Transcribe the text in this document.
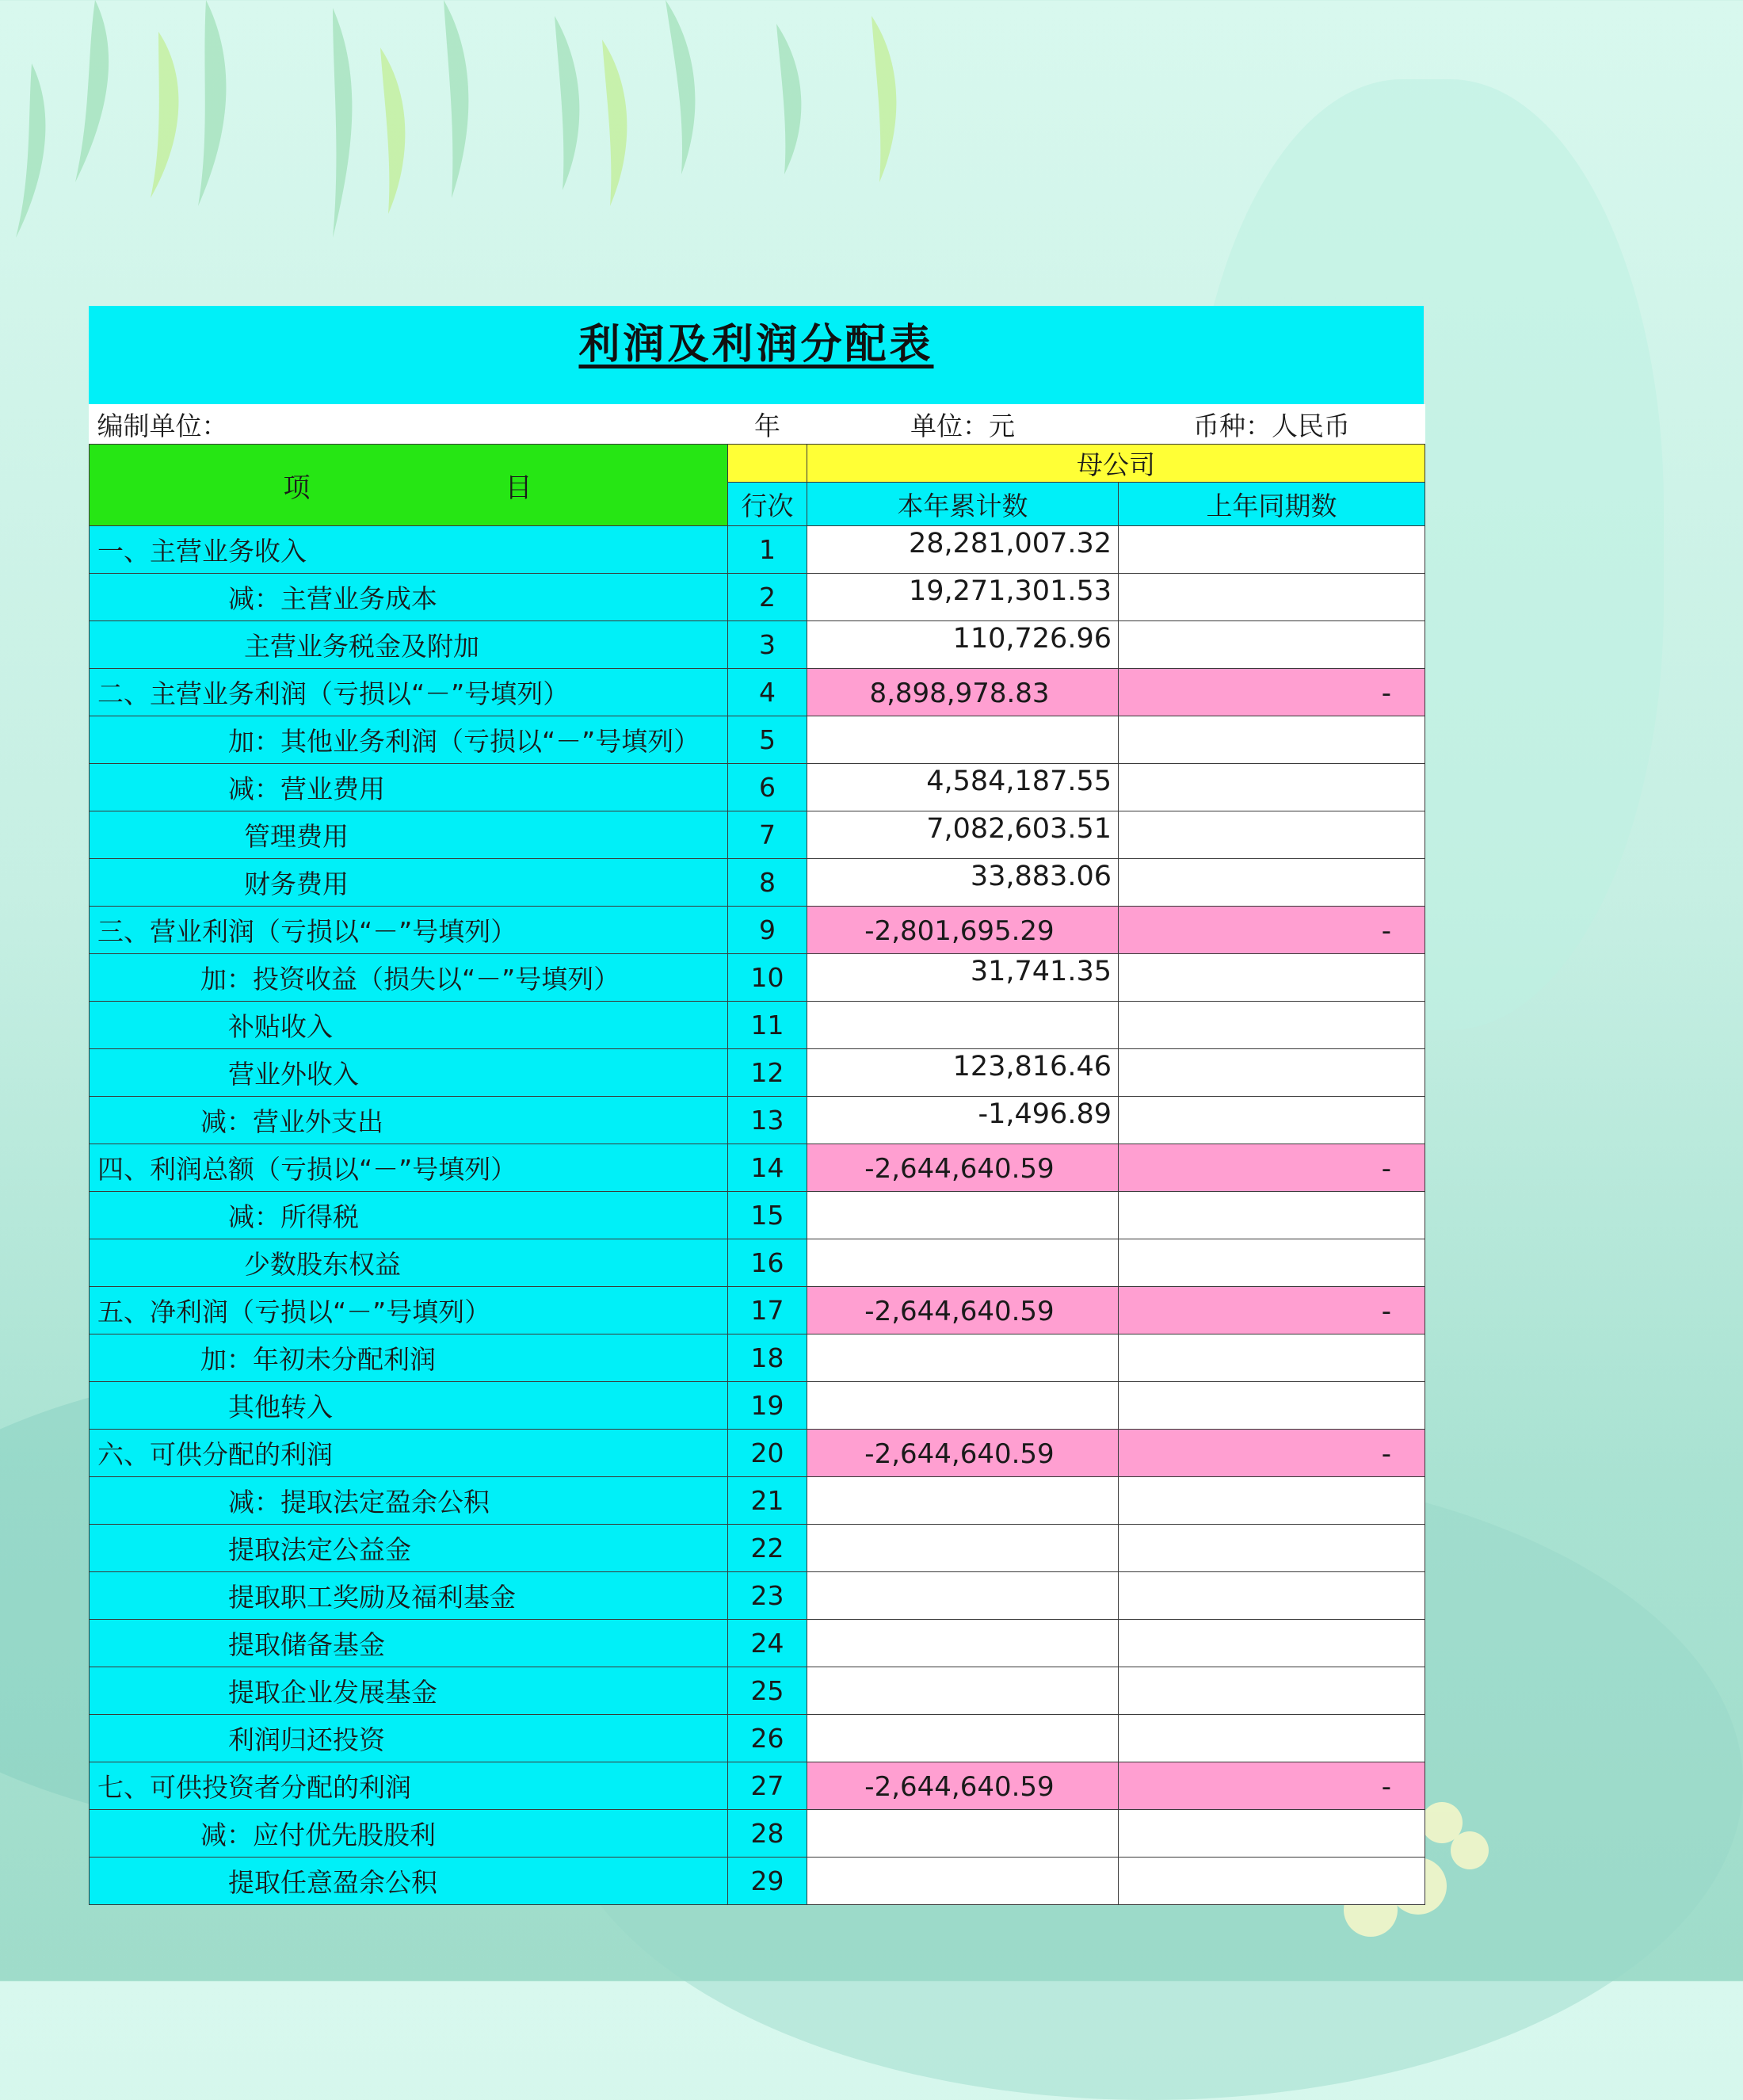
利润及利润分配表
编制单位：	年	单位：元	币种：人民币
项 目		母公司	
	行次	本年累计数	上年同期数
一、主营业务收入	1	28,281,007.32	
减：主营业务成本	2	19,271,301.53	
主营业务税金及附加	3	110,726.96	
二、主营业务利润（亏损以“－”号填列）	4	8,898,978.83	-
加：其他业务利润（亏损以“－”号填列）	5		
减：营业费用	6	4,584,187.55	
管理费用	7	7,082,603.51	
财务费用	8	33,883.06	
三、营业利润（亏损以“－”号填列）	9	-2,801,695.29	-
加：投资收益（损失以“－”号填列）	10	31,741.35	
补贴收入	11		
营业外收入	12	123,816.46	
减：营业外支出	13	-1,496.89	
四、利润总额（亏损以“－”号填列）	14	-2,644,640.59	-
减：所得税	15		
少数股东权益	16		
五、净利润（亏损以“－”号填列）	17	-2,644,640.59	-
加：年初未分配利润	18		
其他转入	19		
六、可供分配的利润	20	-2,644,640.59	-
减：提取法定盈余公积	21		
提取法定公益金	22		
提取职工奖励及福利基金	23		
提取储备基金	24		
提取企业发展基金	25		
利润归还投资	26		
七、可供投资者分配的利润	27	-2,644,640.59	-
减：应付优先股股利	28		
提取任意盈余公积	29		
